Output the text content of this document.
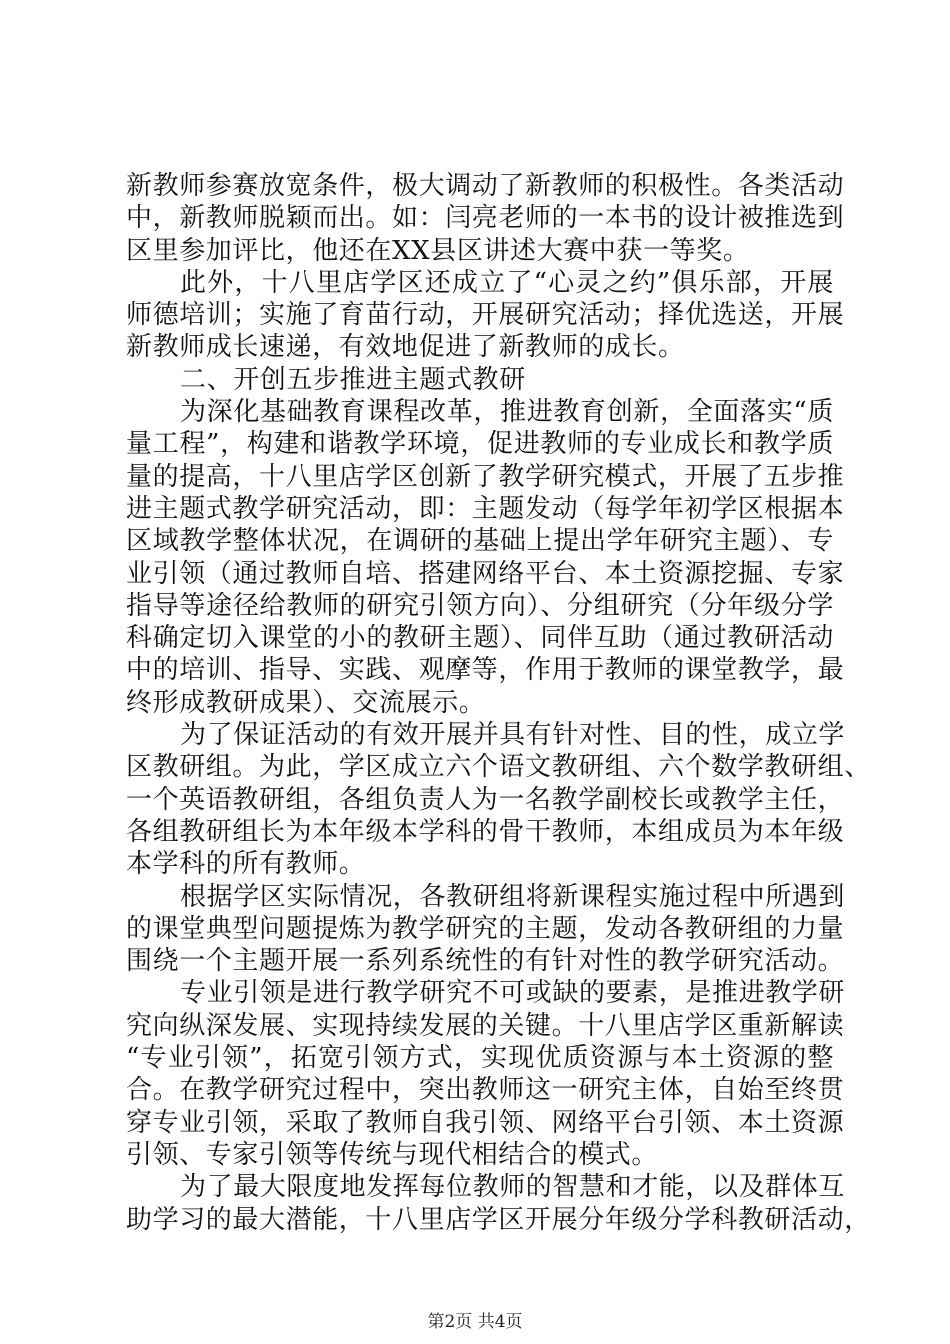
新教师参赛放宽条件，极大调动了新教师的积极性。各类活动
中，新教师脱颖而出。如：闫亮老师的一本书的设计被推选到
区里参加评比，他还在XX县区讲述大赛中获一等奖。
此外，十八里店学区还成立了“心灵之约”俱乐部，开展
师德培训；实施了育苗行动，开展研究活动；择优选送，开展
新教师成长速递，有效地促进了新教师的成长。
二、开创五步推进主题式教研
为深化基础教育课程改革，推进教育创新，全面落实“质
量工程”，构建和谐教学环境，促进教师的专业成长和教学质
量的提高，十八里店学区创新了教学研究模式，开展了五步推
进主题式教学研究活动，即：主题发动（每学年初学区根据本
区域教学整体状况，在调研的基础上提出学年研究主题）、专
业引领（通过教师自培、搭建网络平台、本土资源挖掘、专家
指导等途径给教师的研究引领方向）、分组研究（分年级分学
科确定切入课堂的小的教研主题）、同伴互助（通过教研活动
中的培训、指导、实践、观摩等，作用于教师的课堂教学，最
终形成教研成果）、交流展示。
为了保证活动的有效开展并具有针对性、目的性，成立学
区教研组。为此，学区成立六个语文教研组、六个数学教研组、
一个英语教研组，各组负责人为一名教学副校长或教学主任，
各组教研组长为本年级本学科的骨干教师，本组成员为本年级
本学科的所有教师。
根据学区实际情况，各教研组将新课程实施过程中所遇到
的课堂典型问题提炼为教学研究的主题，发动各教研组的力量
围绕一个主题开展一系列系统性的有针对性的教学研究活动。
专业引领是进行教学研究不可或缺的要素，是推进教学研
究向纵深发展、实现持续发展的关键。十八里店学区重新解读
“专业引领”，拓宽引领方式，实现优质资源与本土资源的整
合。在教学研究过程中，突出教师这一研究主体，自始至终贯
穿专业引领，采取了教师自我引领、网络平台引领、本土资源
引领、专家引领等传统与现代相结合的模式。
为了最大限度地发挥每位教师的智慧和才能，以及群体互
助学习的最大潜能，十八里店学区开展分年级分学科教研活动，
第2页 共4页
